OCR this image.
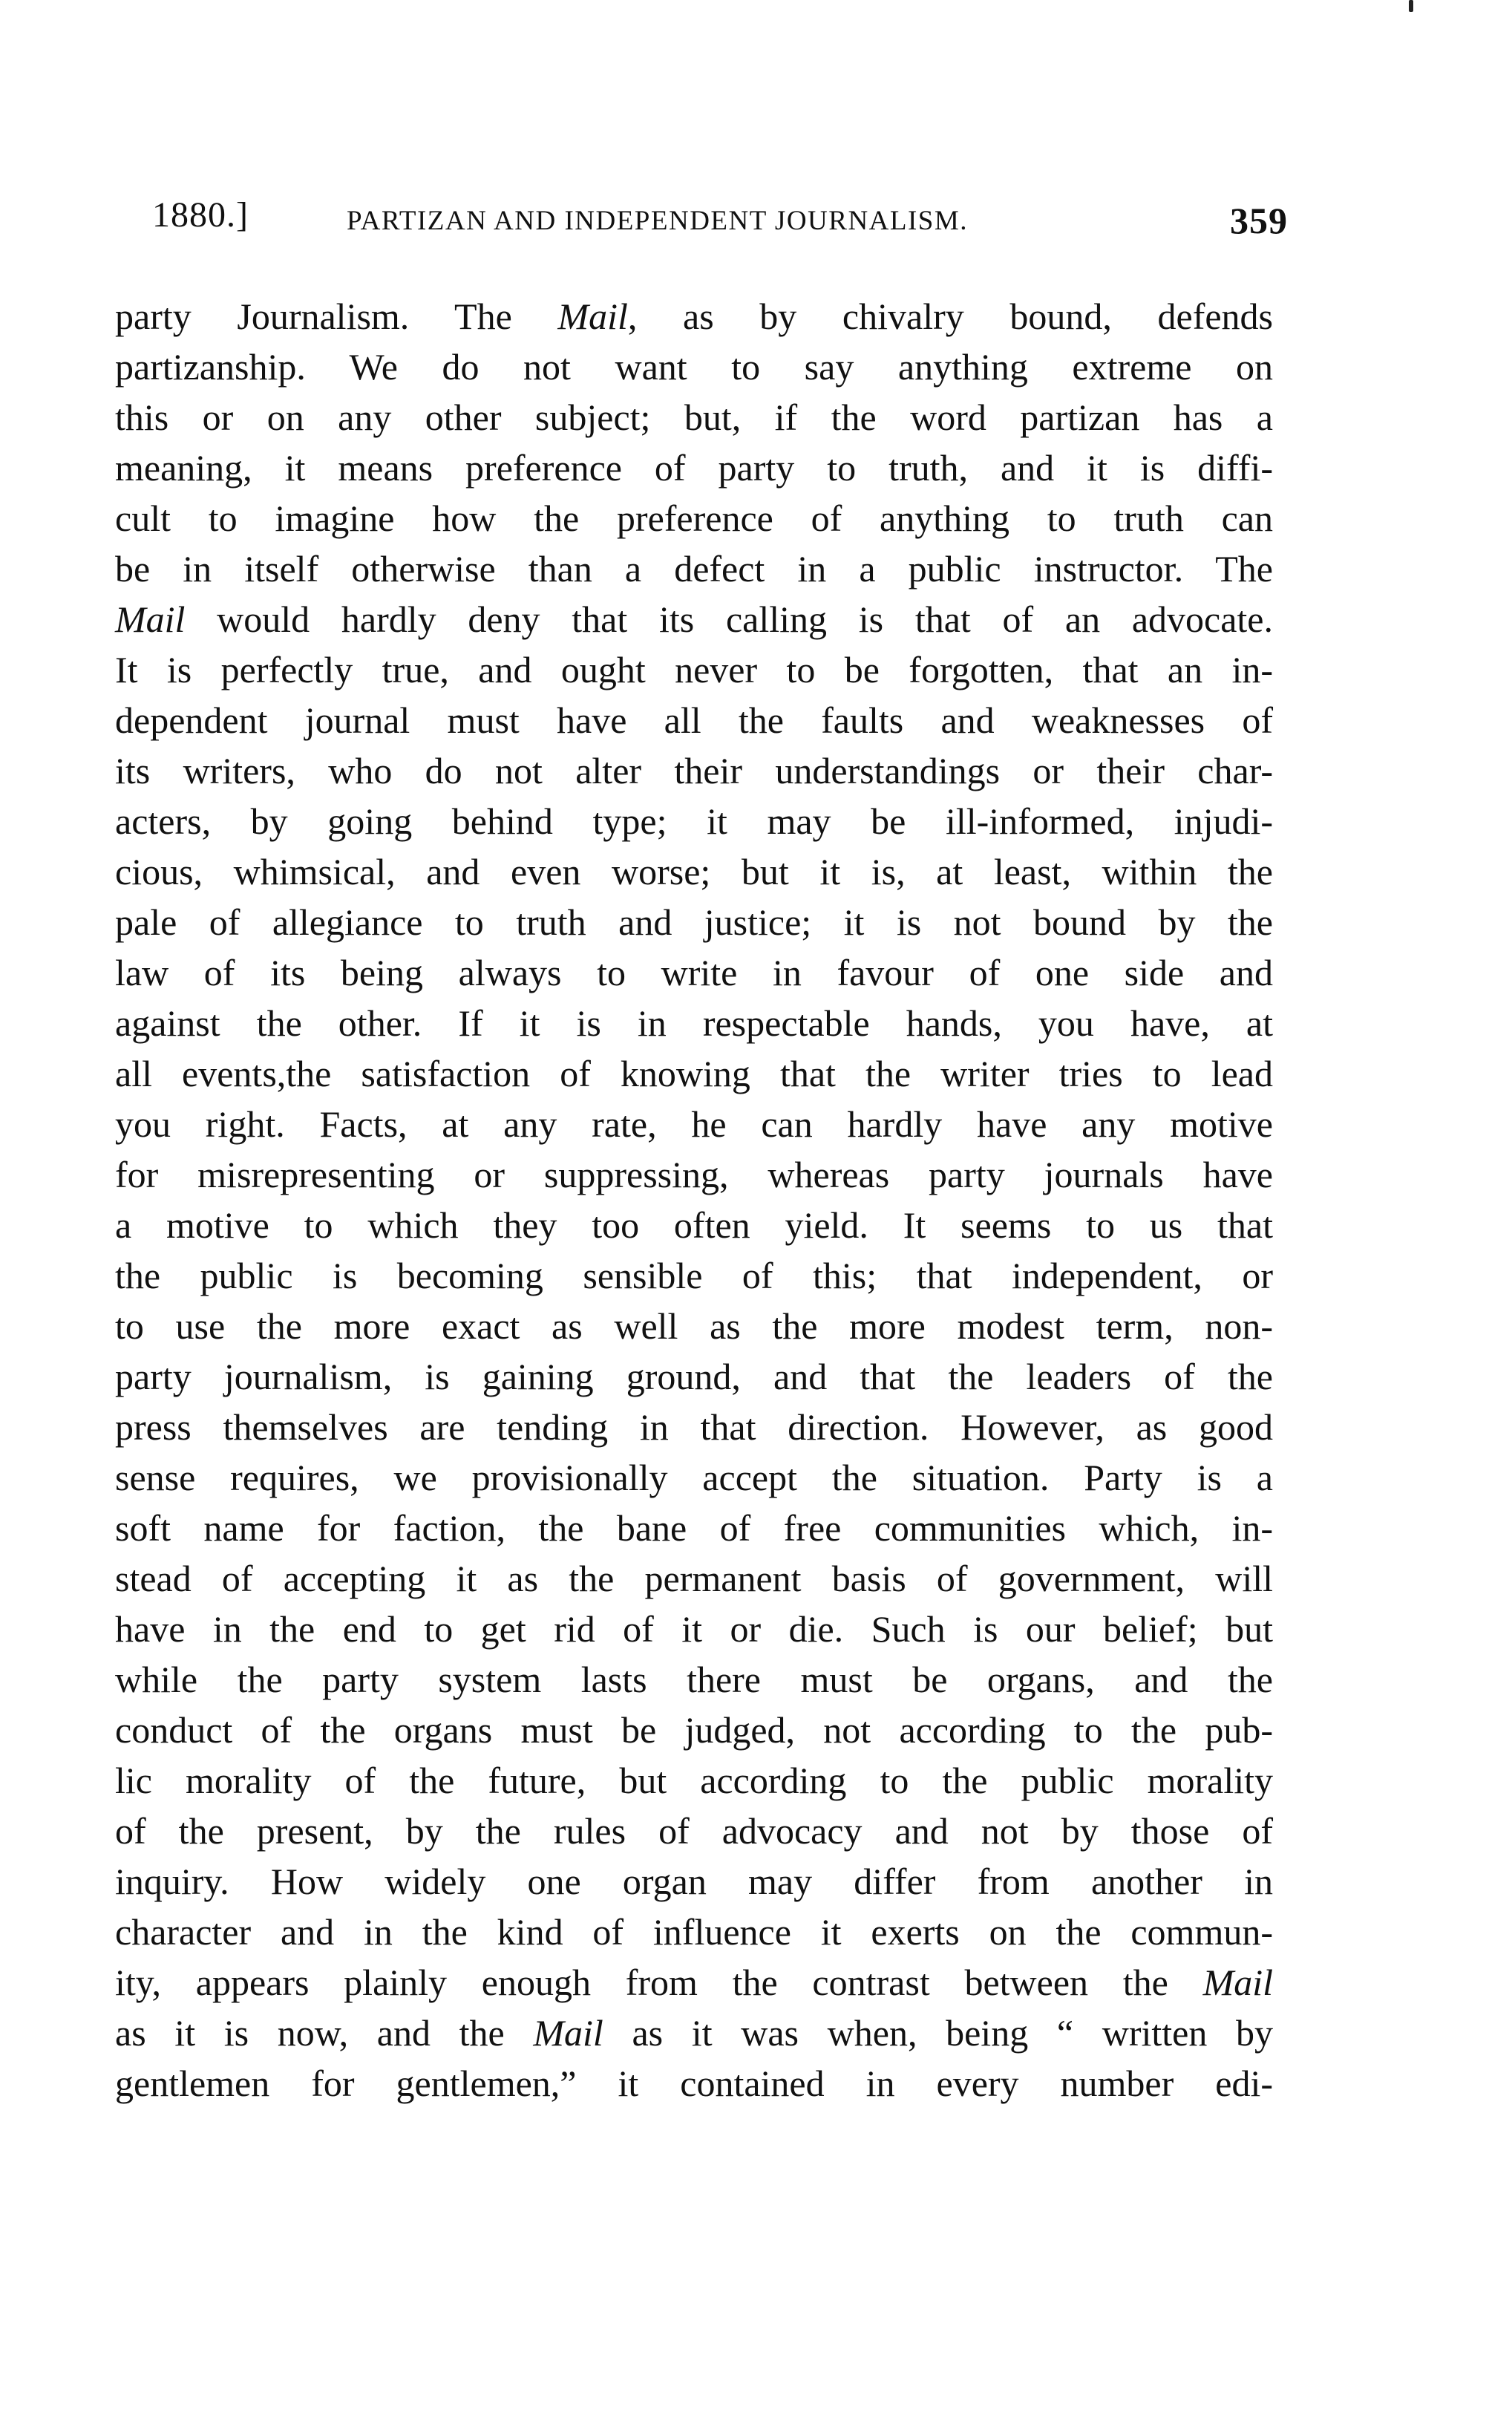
1880.]	PARTIZAN AND INDEPENDENT JOURNALISM.	359
party Journalism. The Mail, as by chivalry bound, defends
partizanship. We do not want to say anything extreme on
this or on any other subject; but, if the word partizan has a
meaning, it means preference of party to truth, and it is diffi-
cult to imagine how the preference of anything to truth can
be in itself otherwise than a defect in a public instructor. The
Mail would hardly deny that its calling is that of an advocate.
It is perfectly true, and ought never to be forgotten, that an in-
dependent journal must have all the faults and weaknesses of
its writers, who do not alter their understandings or their char-
acters, by going behind type; it may be ill-informed, injudi-
cious, whimsical, and even worse; but it is, at least, within the
pale of allegiance to truth and justice; it is not bound by the
law of its being always to write in favour of one side and
against the other. If it is in respectable hands, you have, at
all events,the satisfaction of knowing that the writer tries to lead
you right. Facts, at any rate, he can hardly have any motive
for misrepresenting or suppressing, whereas party journals have
a motive to which they too often yield. It seems to us that
the public is becoming sensible of this; that independent, or
to use the more exact as well as the more modest term, non-
party journalism, is gaining ground, and that the leaders of the
press themselves are tending in that direction. However, as good
sense requires, we provisionally accept the situation. Party is a
soft name for faction, the bane of free communities which, in-
stead of accepting it as the permanent basis of government, will
have in the end to get rid of it or die. Such is our belief; but
while the party system lasts there must be organs, and the
conduct of the organs must be judged, not according to the pub-
lic morality of the future, but according to the public morality
of the present, by the rules of advocacy and not by those of
inquiry. How widely one organ may differ from another in
character and in the kind of influence it exerts on the commun-
ity, appears plainly enough from the contrast between the Mail
as it is now, and the Mail as it was when, being “ written by
gentlemen for gentlemen,” it contained in every number edi-
